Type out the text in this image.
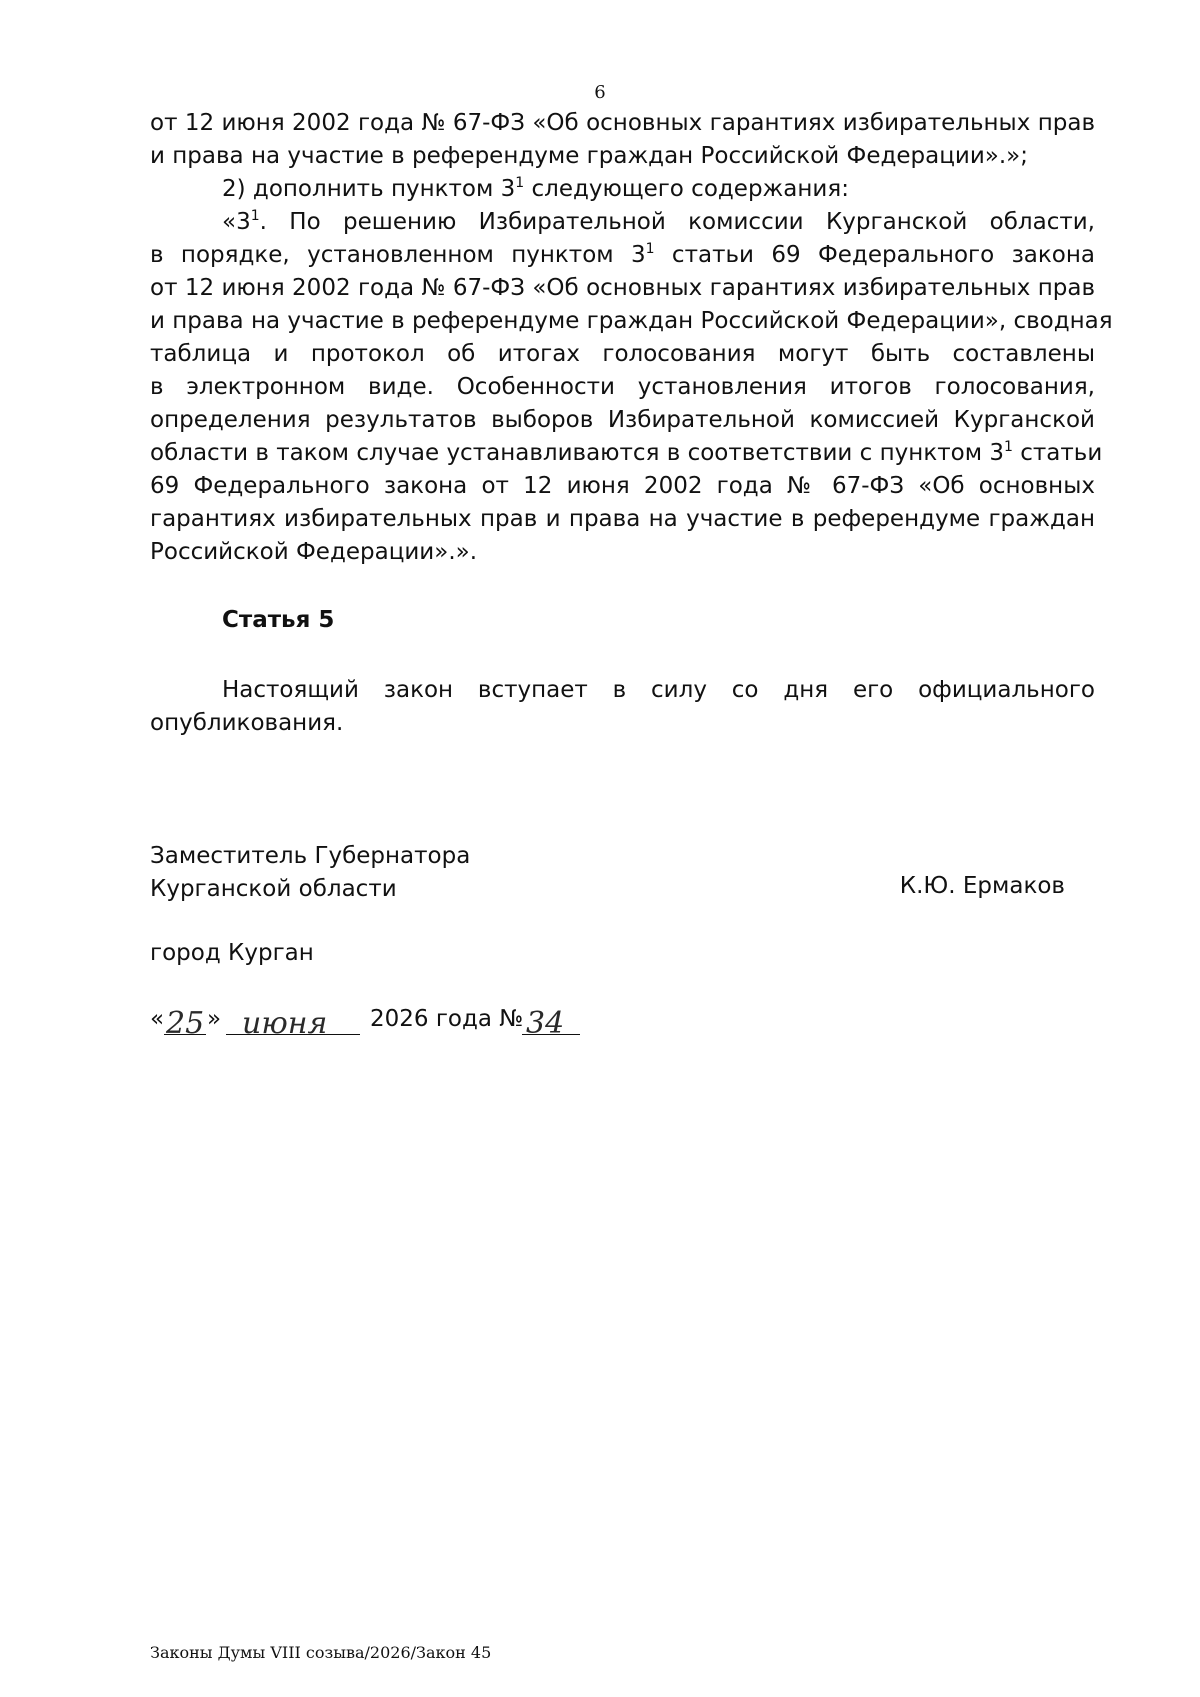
6
от 12 июня 2002 года № 67-ФЗ «Об основных гарантиях избирательных прав
и права на участие в референдуме граждан Российской Федерации».»;
2) дополнить пунктом $3^1$ следующего содержания:
«$3^1$. По решению Избирательной комиссии Курганской области,
в порядке, установленном пунктом $3^1$ статьи 69 Федерального закона
от 12 июня 2002 года № 67-ФЗ «Об основных гарантиях избирательных прав
и права на участие в референдуме граждан Российской Федерации», сводная
таблица и протокол об итогах голосования могут быть составлены
в электронном виде. Особенности установления итогов голосования,
определения результатов выборов Избирательной комиссией Курганской
области в таком случае устанавливаются в соответствии с пунктом $3^1$ статьи
69 Федерального закона от 12 июня 2002 года № 67-ФЗ «Об основных
гарантиях избирательных прав и права на участие в референдуме граждан
Российской Федерации».».
Статья 5
Настоящий закон вступает в силу со дня его официального
опубликования.
Заместитель Губернатора
Курганской области	К.Ю. Ермаков
город Курган
« 25 » июня 2026 года № 34
Законы Думы VIII созыва/2026/Закон 45
